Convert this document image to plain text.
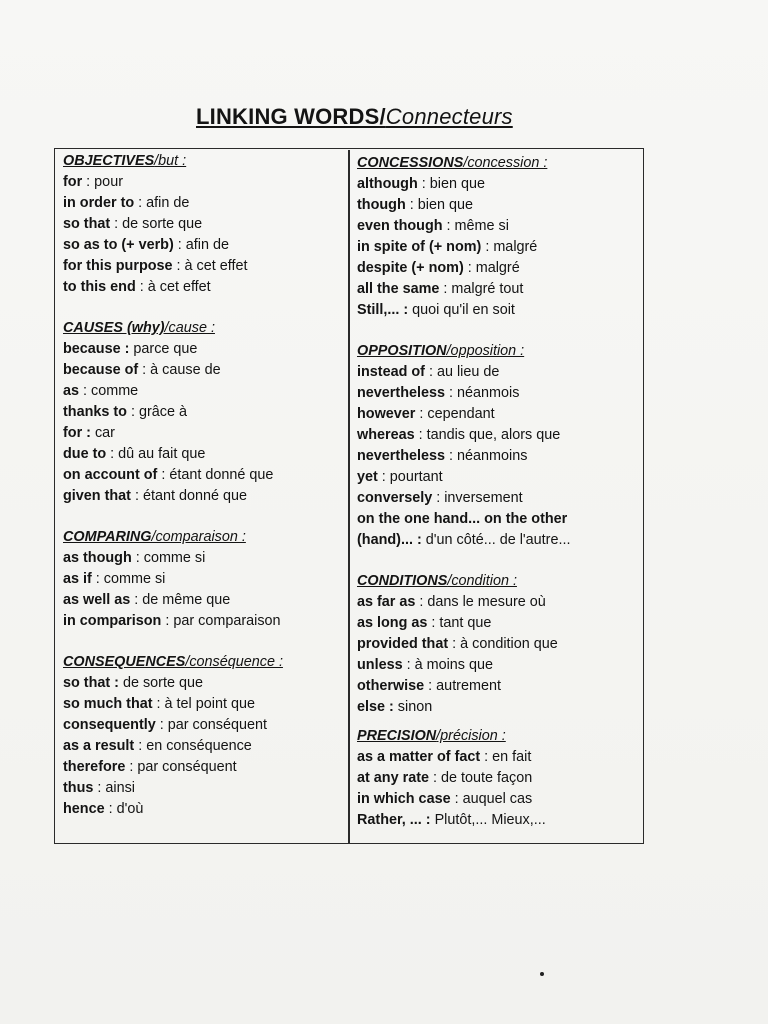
LINKING WORDS/Connecteurs
OBJECTIVES/but :
for : pour
in order to : afin de
so that : de sorte que
so as to (+ verb) : afin de
for this purpose : à cet effet
to this end : à cet effet
CAUSES (why)/cause :
because : parce que
because of : à cause de
as : comme
thanks to : grâce à
for : car
due to : dû au fait que
on account of : étant donné que
given that : étant donné que
COMPARING/comparaison :
as though : comme si
as if : comme si
as well as : de même que
in comparison : par comparaison
CONSEQUENCES/conséquence :
so that : de sorte que
so much that : à tel point que
consequently : par conséquent
as a result : en conséquence
therefore : par conséquent
thus : ainsi
hence : d'où
CONCESSIONS/concession :
although : bien que
though : bien que
even though : même si
in spite of (+ nom) : malgré
despite (+ nom) : malgré
all the same : malgré tout
Still,... : quoi qu'il en soit
OPPOSITION/opposition :
instead of : au lieu de
nevertheless : néanmois
however : cependant
whereas : tandis que, alors que
nevertheless : néanmoins
yet : pourtant
conversely : inversement
on the one hand... on the other
(hand)... : d'un côté... de l'autre...
CONDITIONS/condition :
as far as : dans le mesure où
as long as : tant que
provided that : à condition que
unless : à moins que
otherwise : autrement
else : sinon
PRECISION/précision :
as a matter of fact : en fait
at any rate : de toute façon
in which case : auquel cas
Rather, ... : Plutôt,... Mieux,...
